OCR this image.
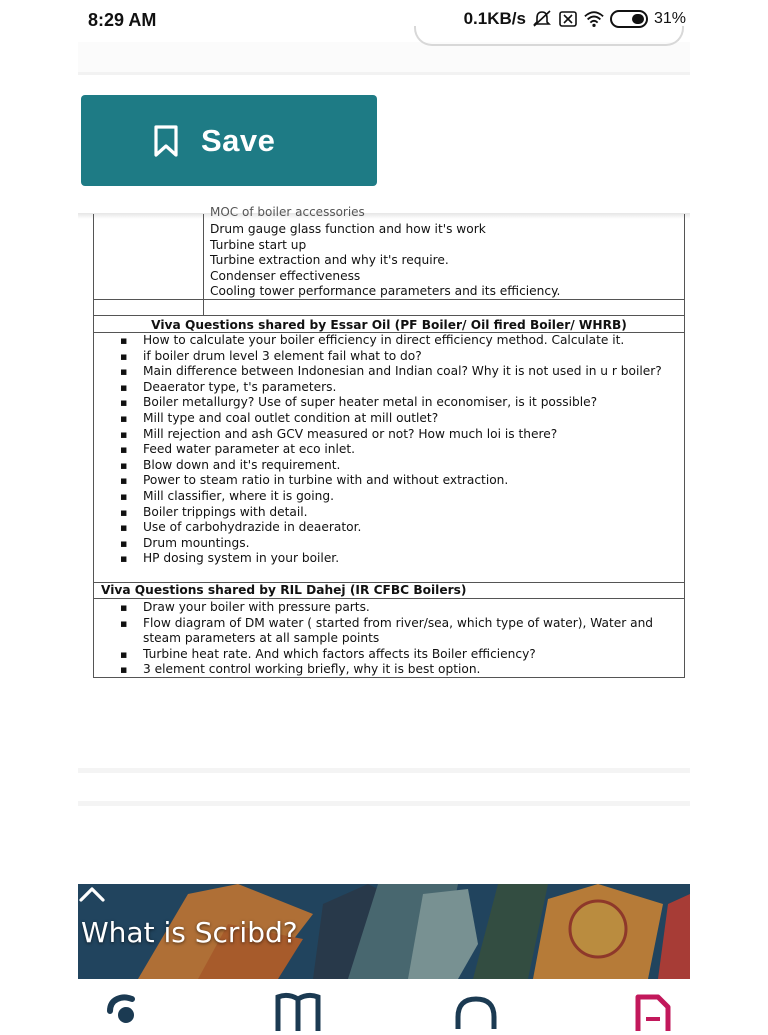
8:29 AM	0.1KB/s	31%
Save
MOC of boiler accessories
Drum gauge glass function and how it's work
Turbine start up
Turbine extraction and why it's require.
Condenser effectiveness
Cooling tower performance parameters and its efficiency.
Viva Questions shared by Essar Oil (PF Boiler/ Oil fired Boiler/ WHRB)
▪ How to calculate your boiler efficiency in direct efficiency method. Calculate it.
▪ if boiler drum level 3 element fail what to do?
▪ Main difference between Indonesian and Indian coal? Why it is not used in u r boiler?
▪ Deaerator type, t's parameters.
▪ Boiler metallurgy? Use of super heater metal in economiser, is it possible?
▪ Mill type and coal outlet condition at mill outlet?
▪ Mill rejection and ash GCV measured or not? How much loi is there?
▪ Feed water parameter at eco inlet.
▪ Blow down and it's requirement.
▪ Power to steam ratio in turbine with and without extraction.
▪ Mill classifier, where it is going.
▪ Boiler trippings with detail.
▪ Use of carbohydrazide in deaerator.
▪ Drum mountings.
▪ HP dosing system in your boiler.
Viva Questions shared by RIL Dahej (IR CFBC Boilers)
▪ Draw your boiler with pressure parts.
▪ Flow diagram of DM water ( started from river/sea, which type of water), Water and steam parameters at all sample points
▪ Turbine heat rate. And which factors affects its Boiler efficiency?
▪ 3 element control working briefly, why it is best option.
What is Scribd?
